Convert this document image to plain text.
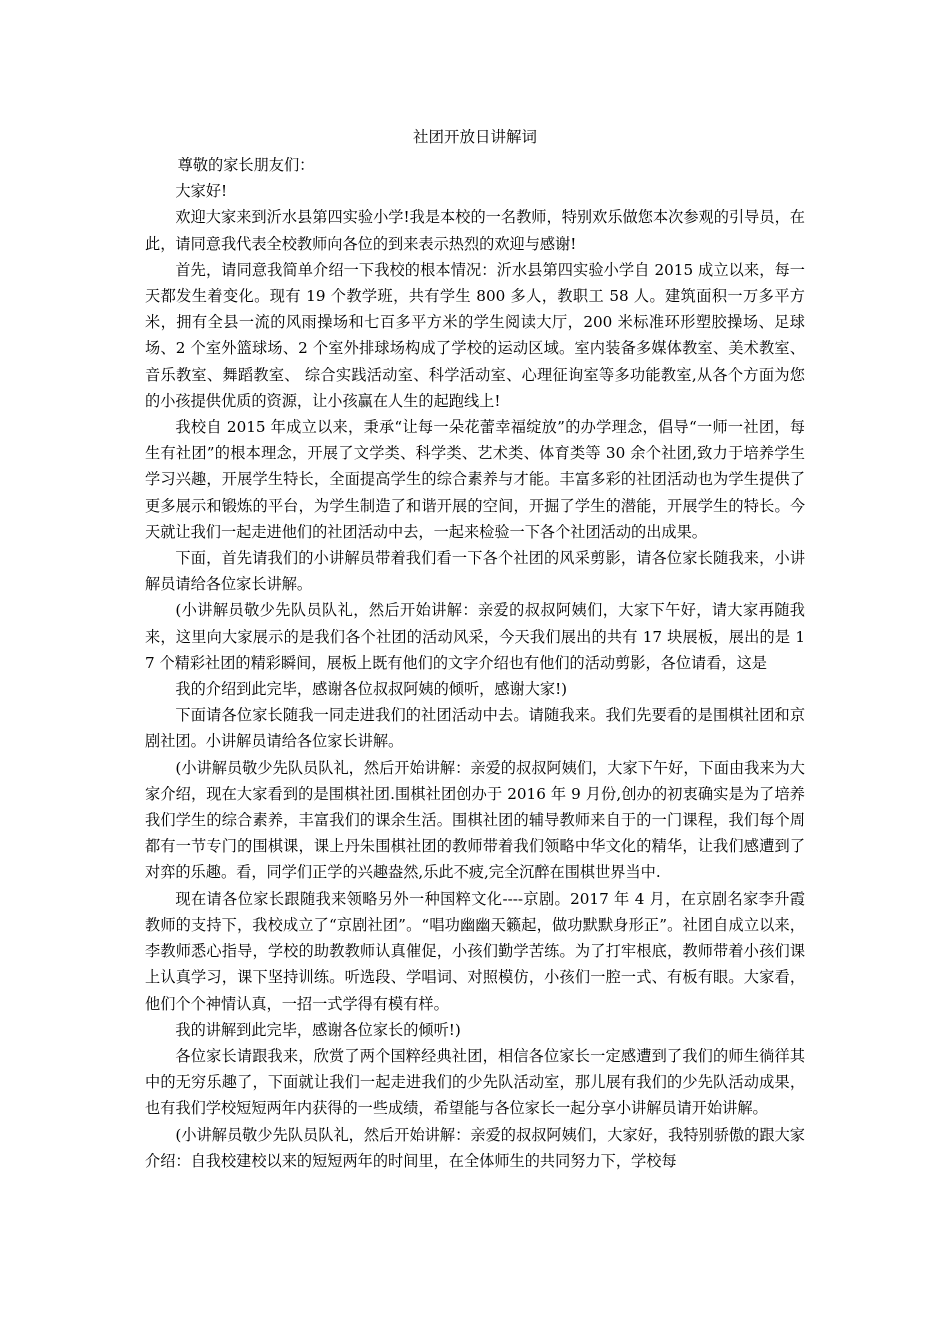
社团开放日讲解词

尊敬的家长朋友们：

大家好!

欢迎大家来到沂水县第四实验小学!我是本校的一名教师，特别欢乐做您本次参观的引导员，在此，请同意我代表全校教师向各位的到来表示热烈的欢迎与感谢!

首先，请同意我简单介绍一下我校的根本情况：沂水县第四实验小学自 2015 成立以来，每一天都发生着变化。现有 19 个教学班，共有学生 800 多人，教职工 58 人。建筑面积一万多平方米，拥有全县一流的风雨操场和七百多平方米的学生阅读大厅，200 米标准环形塑胶操场、足球场、2 个室外篮球场、2 个室外排球场构成了学校的运动区域。室内装备多媒体教室、美术教室、音乐教室、舞蹈教室、 综合实践活动室、科学活动室、心理征询室等多功能教室,从各个方面为您的小孩提供优质的资源，让小孩赢在人生的起跑线上!

我校自 2015 年成立以来，秉承“让每一朵花蕾幸福绽放”的办学理念，倡导“一师一社团，每生有社团”的根本理念，开展了文学类、科学类、艺术类、体育类等 30 余个社团,致力于培养学生学习兴趣，开展学生特长，全面提高学生的综合素养与才能。丰富多彩的社团活动也为学生提供了更多展示和锻炼的平台，为学生制造了和谐开展的空间，开掘了学生的潜能，开展学生的特长。今天就让我们一起走进他们的社团活动中去，一起来检验一下各个社团活动的出成果。

下面，首先请我们的小讲解员带着我们看一下各个社团的风采剪影，请各位家长随我来，小讲解员请给各位家长讲解。

(小讲解员敬少先队员队礼，然后开始讲解：亲爱的叔叔阿姨们，大家下午好，请大家再随我来，这里向大家展示的是我们各个社团的活动风采，今天我们展出的共有 17 块展板，展出的是 17 个精彩社团的精彩瞬间，展板上既有他们的文字介绍也有他们的活动剪影，各位请看，这是

我的介绍到此完毕，感谢各位叔叔阿姨的倾听，感谢大家!)

下面请各位家长随我一同走进我们的社团活动中去。请随我来。我们先要看的是围棋社团和京剧社团。小讲解员请给各位家长讲解。

(小讲解员敬少先队员队礼，然后开始讲解：亲爱的叔叔阿姨们，大家下午好，下面由我来为大家介绍，现在大家看到的是围棋社团.围棋社团创办于 2016 年 9 月份,创办的初衷确实是为了培养我们学生的综合素养，丰富我们的课余生活。围棋社团的辅导教师来自于的一门课程，我们每个周都有一节专门的围棋课，课上丹朱围棋社团的教师带着我们领略中华文化的精华，让我们感遭到了对弈的乐趣。看，同学们正学的兴趣盎然,乐此不疲,完全沉醉在围棋世界当中.

现在请各位家长跟随我来领略另外一种国粹文化----京剧。2017 年 4 月，在京剧名家李升霞教师的支持下，我校成立了“京剧社团”。“唱功幽幽天籁起，做功默默身形正”。社团自成立以来，李教师悉心指导，学校的助教教师认真催促，小孩们勤学苦练。为了打牢根底，教师带着小孩们课上认真学习，课下坚持训练。听选段、学唱词、对照模仿，小孩们一腔一式、有板有眼。大家看，他们个个神情认真，一招一式学得有模有样。

我的讲解到此完毕，感谢各位家长的倾听!)

各位家长请跟我来，欣赏了两个国粹经典社团，相信各位家长一定感遭到了我们的师生徜徉其中的无穷乐趣了，下面就让我们一起走进我们的少先队活动室，那儿展有我们的少先队活动成果，也有我们学校短短两年内获得的一些成绩，希望能与各位家长一起分享小讲解员请开始讲解。

(小讲解员敬少先队员队礼，然后开始讲解：亲爱的叔叔阿姨们，大家好，我特别骄傲的跟大家介绍：自我校建校以来的短短两年的时间里，在全体师生的共同努力下，学校每
